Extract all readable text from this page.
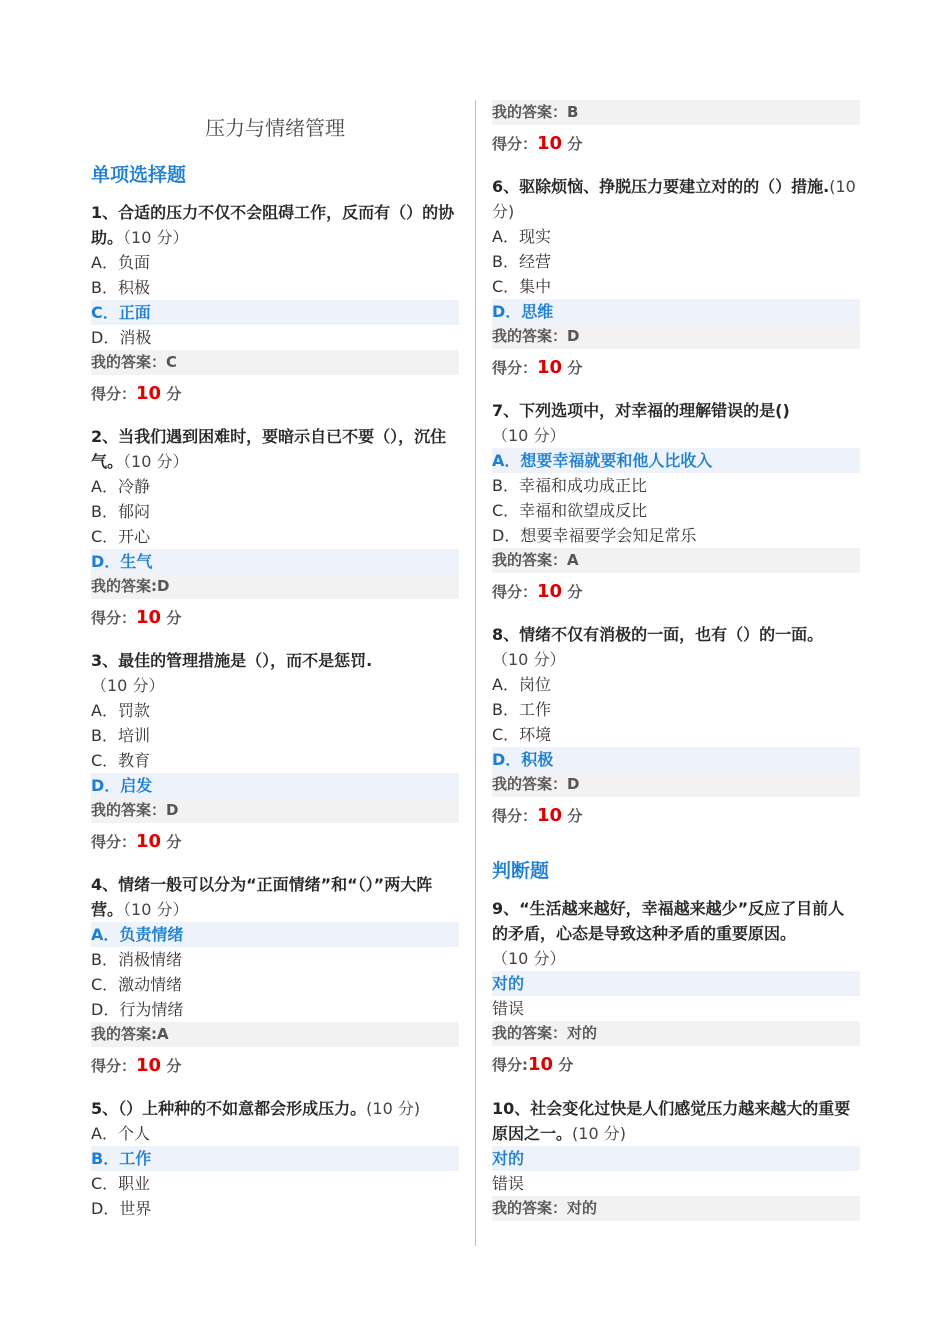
压力与情绪管理
单项选择题
1、合适的压力不仅不会阻碍工作，反而有（）的协助。（10 分）
A．负面
B．积极
C．正面
D．消极
我的答案：C
得分：10 分
2、当我们遇到困难时，要暗示自已不要（），沉住气。（10 分）
A．冷静
B．郁闷
C．开心
D．生气
我的答案:D
得分：10 分
3、最佳的管理措施是（），而不是惩罚.
（10 分）
A．罚款
B．培训
C．教育
D．启发
我的答案：D
得分：10 分
4、情绪一般可以分为“正面情绪”和“（）”两大阵营。（10 分）
A．负责情绪
B．消极情绪
C．激动情绪
D．行为情绪
我的答案:A
得分：10 分
5、（）上种种的不如意都会形成压力。(10 分)
A．个人
B．工作
C．职业
D．世界
我的答案：B
得分：10 分
6、驱除烦恼、挣脱压力要建立对的的（）措施.(10 分)
A．现实
B．经营
C．集中
D．思维
我的答案：D
得分：10 分
7、下列选项中，对幸福的理解错误的是()
（10 分）
A．想要幸福就要和他人比收入
B．幸福和成功成正比
C．幸福和欲望成反比
D．想要幸福要学会知足常乐
我的答案：A
得分：10 分
8、情绪不仅有消极的一面，也有（）的一面。
（10 分）
A．岗位
B．工作
C．环境
D．积极
我的答案：D
得分：10 分
判断题
9、“生活越来越好，幸福越来越少”反应了目前人的矛盾，心态是导致这种矛盾的重要原因。（10 分）
对的
错误
我的答案：对的
得分:10 分
10、社会变化过快是人们感觉压力越来越大的重要原因之一。(10 分)
对的
错误
我的答案：对的
